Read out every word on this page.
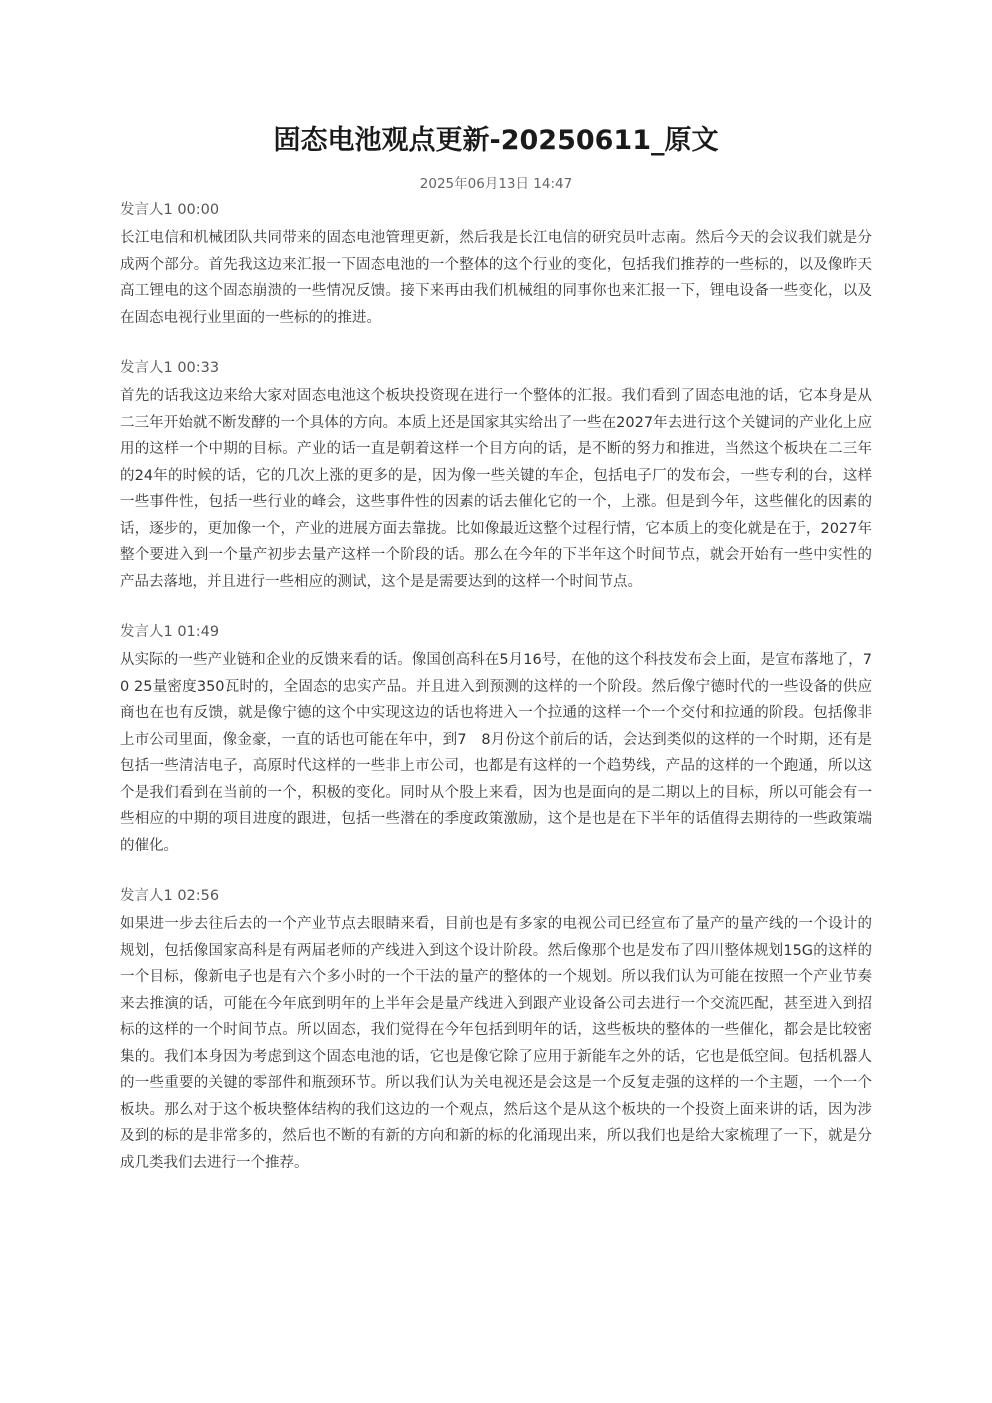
固态电池观点更新-20250611_原文
2025年06月13日 14:47
发言人1 00:00

长江电信和机械团队共同带来的固态电池管理更新，然后我是长江电信的研究员叶志南。然后今天的会议我们就是分成两个部分。首先我这边来汇报一下固态电池的一个整体的这个行业的变化，包括我们推荐的一些标的，以及像昨天高工锂电的这个固态崩溃的一些情况反馈。接下来再由我们机械组的同事你也来汇报一下，锂电设备一些变化，以及在固态电视行业里面的一些标的的推进。

发言人1 00:33

首先的话我这边来给大家对固态电池这个板块投资现在进行一个整体的汇报。我们看到了固态电池的话，它本身是从二三年开始就不断发酵的一个具体的方向。本质上还是国家其实给出了一些在2027年去进行这个关键词的产业化上应用的这样一个中期的目标。产业的话一直是朝着这样一个目方向的话，是不断的努力和推进，当然这个板块在二三年的24年的时候的话，它的几次上涨的更多的是，因为像一些关键的车企，包括电子厂的发布会，一些专利的台，这样一些事件性，包括一些行业的峰会，这些事件性的因素的话去催化它的一个，上涨。但是到今年，这些催化的因素的话，逐步的，更加像一个，产业的进展方面去靠拢。比如像最近这整个过程行情，它本质上的变化就是在于，2027年整个要进入到一个量产初步去量产这样一个阶段的话。那么在今年的下半年这个时间节点，就会开始有一些中实性的产品去落地，并且进行一些相应的测试，这个是是需要达到的这样一个时间节点。

发言人1 01:49

从实际的一些产业链和企业的反馈来看的话。像国创高科在5月16号，在他的这个科技发布会上面，是宣布落地了，70 25量密度350瓦时的，全固态的忠实产品。并且进入到预测的这样的一个阶段。然后像宁德时代的一些设备的供应商也在也有反馈，就是像宁德的这个中实现这边的话也将进入一个拉通的这样一个一个交付和拉通的阶段。包括像非上市公司里面，像金豪，一直的话也可能在年中，到7　8月份这个前后的话，会达到类似的这样的一个时期，还有是包括一些清洁电子，高原时代这样的一些非上市公司，也都是有这样的一个趋势线，产品的这样的一个跑通，所以这个是我们看到在当前的一个，积极的变化。同时从个股上来看，因为也是面向的是二期以上的目标，所以可能会有一些相应的中期的项目进度的跟进，包括一些潜在的季度政策激励，这个是也是在下半年的话值得去期待的一些政策端的催化。

发言人1 02:56

如果进一步去往后去的一个产业节点去眼睛来看，目前也是有多家的电视公司已经宣布了量产的量产线的一个设计的规划，包括像国家高科是有两届老师的产线进入到这个设计阶段。然后像那个也是发布了四川整体规划15G的这样的一个目标，像新电子也是有六个多小时的一个干法的量产的整体的一个规划。所以我们认为可能在按照一个产业节奏来去推演的话，可能在今年底到明年的上半年会是量产线进入到跟产业设备公司去进行一个交流匹配，甚至进入到招标的这样的一个时间节点。所以固态，我们觉得在今年包括到明年的话，这些板块的整体的一些催化，都会是比较密集的。我们本身因为考虑到这个固态电池的话，它也是像它除了应用于新能车之外的话，它也是低空间。包括机器人的一些重要的关键的零部件和瓶颈环节。所以我们认为关电视还是会这是一个反复走强的这样的一个主题，一个一个板块。那么对于这个板块整体结构的我们这边的一个观点，然后这个是从这个板块的一个投资上面来讲的话，因为涉及到的标的是非常多的，然后也不断的有新的方向和新的标的化涌现出来，所以我们也是给大家梳理了一下，就是分成几类我们去进行一个推荐。
